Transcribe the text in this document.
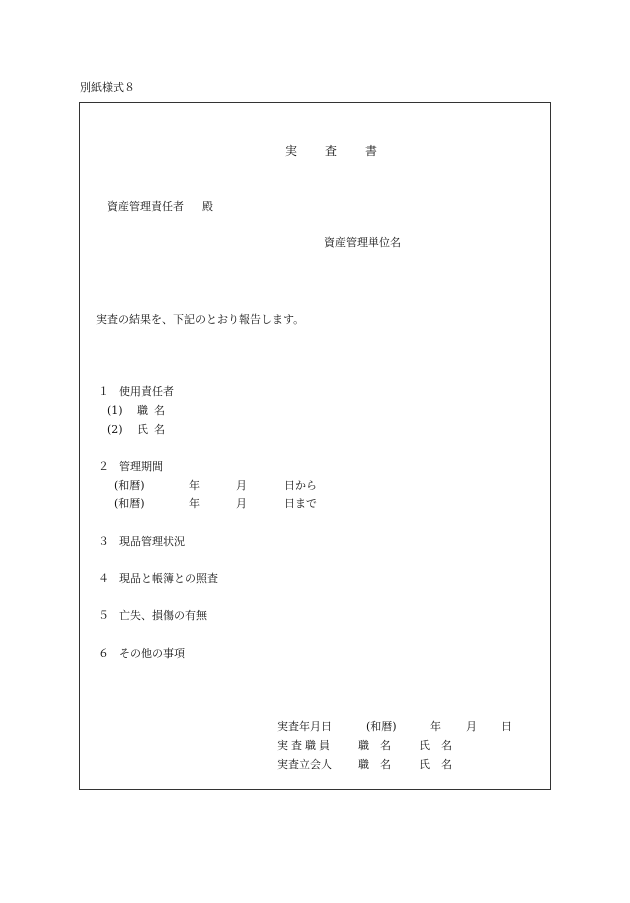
別紙様式８
実　査　書
資産管理責任者 殿
資産管理単位名
実査の結果を、下記のとおり報告します。
１ 使用責任者
(1) 職名
(2) 氏名
２ 管理期間
(和暦)	年	月	日から
(和暦)	年	月	日まで
３ 現品管理状況
４ 現品と帳簿との照査
５ 亡失、損傷の有無
６ その他の事項
実査年月日	(和暦)	年 月 日
実査職員 職　名	氏　名
実査立会人 職　名	氏　名
